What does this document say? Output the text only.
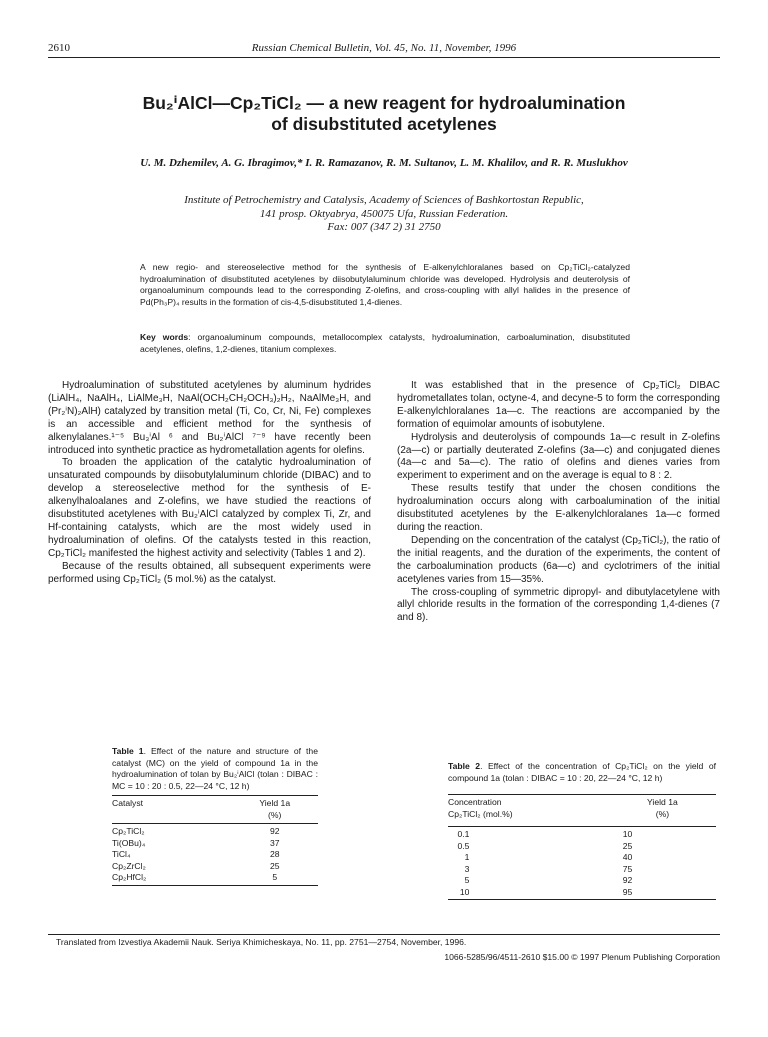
2610	Russian Chemical Bulletin, Vol. 45, No. 11, November, 1996
Bu₂ⁱAlCl—Cp₂TiCl₂ — a new reagent for hydroalumination
of disubstituted acetylenes
U. M. Dzhemilev, A. G. Ibragimov,* I. R. Ramazanov, R. M. Sultanov, L. M. Khalilov, and R. R. Muslukhov
Institute of Petrochemistry and Catalysis, Academy of Sciences of Bashkortostan Republic,
141 prosp. Oktyabrya, 450075 Ufa, Russian Federation.
Fax: 007 (347 2) 31 2750
A new regio- and stereoselective method for the synthesis of E-alkenylchloralanes based on Cp₂TiCl₂-catalyzed hydroalumination of disubstituted acetylenes by diisobutylaluminum chloride was developed. Hydrolysis and deuterolysis of organoaluminum compounds lead to the corresponding Z-olefins, and cross-coupling with allyl halides in the presence of Pd(Ph₃P)₄ results in the formation of cis-4,5-disubstituted 1,4-dienes.
Key words: organoaluminum compounds, metallocomplex catalysts, hydroalumination, carboalumination, disubstituted acetylenes, olefins, 1,2-dienes, titanium complexes.

Hydroalumination of substituted acetylenes by aluminum hydrides (LiAlH₄, NaAlH₄, LiAlMe₃H, NaAl(OCH₂CH₂OCH₃)₂H₂, NaAlMe₃H, and (Pr₂ⁱN)₂AlH) catalyzed by transition metal (Ti, Co, Cr, Ni, Fe) complexes is an accessible and efficient method for the synthesis of alkenylalanes.¹⁻⁵ Bu₃ⁱAl ⁶ and Bu₂ⁱAlCl ⁷⁻⁹ have recently been introduced into synthetic practice as hydrometallation agents for olefins.

To broaden the application of the catalytic hydroalumination of unsaturated compounds by diisobutylaluminum chloride (DIBAC) and to develop a stereoselective method for the synthesis of E-alkenylhaloalanes and Z-olefins, we have studied the reactions of disubstituted acetylenes with Bu₂ⁱAlCl catalyzed by complex Ti, Zr, and Hf-containing catalysts, which are the most widely used in hydroalumination of olefins. Of the catalysts tested in this reaction, Cp₂TiCl₂ manifested the highest activity and selectivity (Tables 1 and 2).

Because of the results obtained, all subsequent experiments were performed using Cp₂TiCl₂ (5 mol.%) as the catalyst.

It was established that in the presence of Cp₂TiCl₂ DIBAC hydrometallates tolan, octyne-4, and decyne-5 to form the corresponding E-alkenylchloralanes 1a—c. The reactions are accompanied by the formation of equimolar amounts of isobutylene.

Hydrolysis and deuterolysis of compounds 1a—c result in Z-olefins (2a—c) or partially deuterated Z-olefins (3a—c) and conjugated dienes (4a—c and 5a—c). The ratio of olefins and dienes varies from experiment to experiment and on the average is equal to 8 : 2.

These results testify that under the chosen conditions the hydroalumination occurs along with carboalumination of the initial disubstituted acetylenes by the E-alkenylchloralanes 1a—c formed during the reaction.

Depending on the concentration of the catalyst (Cp₂TiCl₂), the ratio of the initial reagents, and the duration of the experiments, the content of the carboalumination products (6a—c) and cyclotrimers of the initial acetylenes varies from 15—35%.

The cross-coupling of symmetric dipropyl- and dibutylacetylene with allyl chloride results in the formation of the corresponding 1,4-dienes (7 and 8).

Table 1. Effect of the nature and structure of the catalyst (MC) on the yield of compound 1a in the hydroalumination of tolan by Bu₂ⁱAlCl (tolan : DIBAC : MC = 10 : 20 : 0.5, 22—24 °C, 12 h)
Catalyst	Yield 1a
(%)
Cp₂TiCl₂	92
Ti(OBu)₄	37
TiCl₄	28
Cp₂ZrCl₂	25
Cp₂HfCl₂	5
Table 2. Effect of the concentration of Cp₂TiCl₂ on the yield of compound 1a (tolan : DIBAC = 10 : 20, 22—24 °C, 12 h)
Concentration
Cp₂TiCl₂ (mol.%)	Yield 1a
(%)
0.1	10
0.5	25
1	40
3	75
5	92
10	95
Translated from Izvestiya Akademii Nauk. Seriya Khimicheskaya, No. 11, pp. 2751—2754, November, 1996.
1066-5285/96/4511-2610 $15.00 © 1997 Plenum Publishing Corporation
